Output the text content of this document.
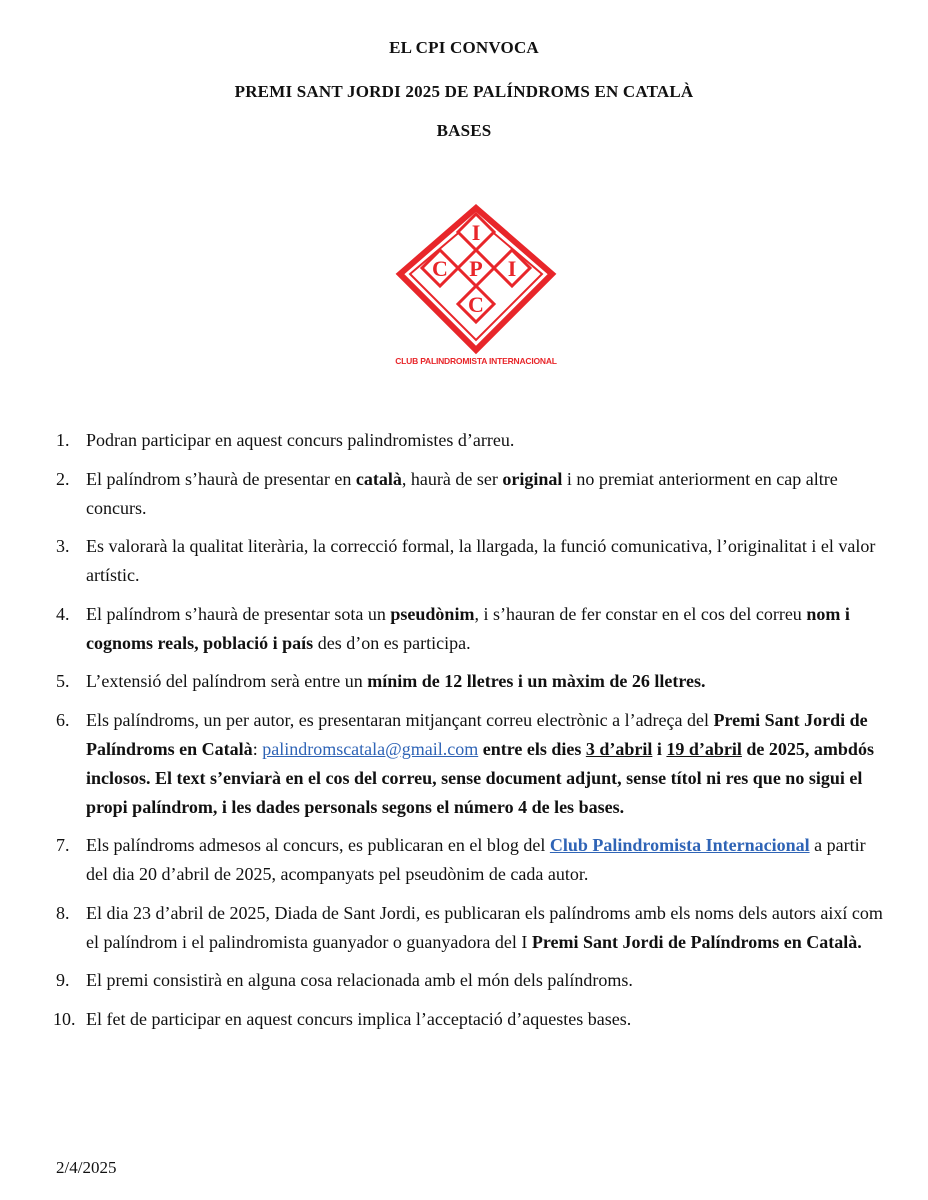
EL CPI CONVOCA
PREMI SANT JORDI 2025 DE PALÍNDROMS EN CATALÀ
BASES
I
C P I
C
CLUB PALINDROMISTA INTERNACIONAL
1. Podran participar en aquest concurs palindromistes d’arreu.
2. El palíndrom s’haurà de presentar en català, haurà de ser original i no premiat anteriorment en cap altre concurs.
3. Es valorarà la qualitat literària, la correcció formal, la llargada, la funció comunicativa, l’originalitat i el valor artístic.
4. El palíndrom s’haurà de presentar sota un pseudònim, i s’hauran de fer constar en el cos del correu nom i cognoms reals, població i país des d’on es participa.
5. L’extensió del palíndrom serà entre un mínim de 12 lletres i un màxim de 26 lletres.
6. Els palíndroms, un per autor, es presentaran mitjançant correu electrònic a l’adreça del Premi Sant Jordi de Palíndroms en Català: palindromscatala@gmail.com entre els dies 3 d’abril i 19 d’abril de 2025, ambdós inclosos. El text s’enviarà en el cos del correu, sense document adjunt, sense títol ni res que no sigui el propi palíndrom, i les dades personals segons el número 4 de les bases.
7. Els palíndroms admesos al concurs, es publicaran en el blog del Club Palindromista Internacional a partir del dia 20 d’abril de 2025, acompanyats pel pseudònim de cada autor.
8. El dia 23 d’abril de 2025, Diada de Sant Jordi, es publicaran els palíndroms amb els noms dels autors així com el palíndrom i el palindromista guanyador o guanyadora del I Premi Sant Jordi de Palíndroms en Català.
9. El premi consistirà en alguna cosa relacionada amb el món dels palíndroms.
10. El fet de participar en aquest concurs implica l’acceptació d’aquestes bases.
2/4/2025
